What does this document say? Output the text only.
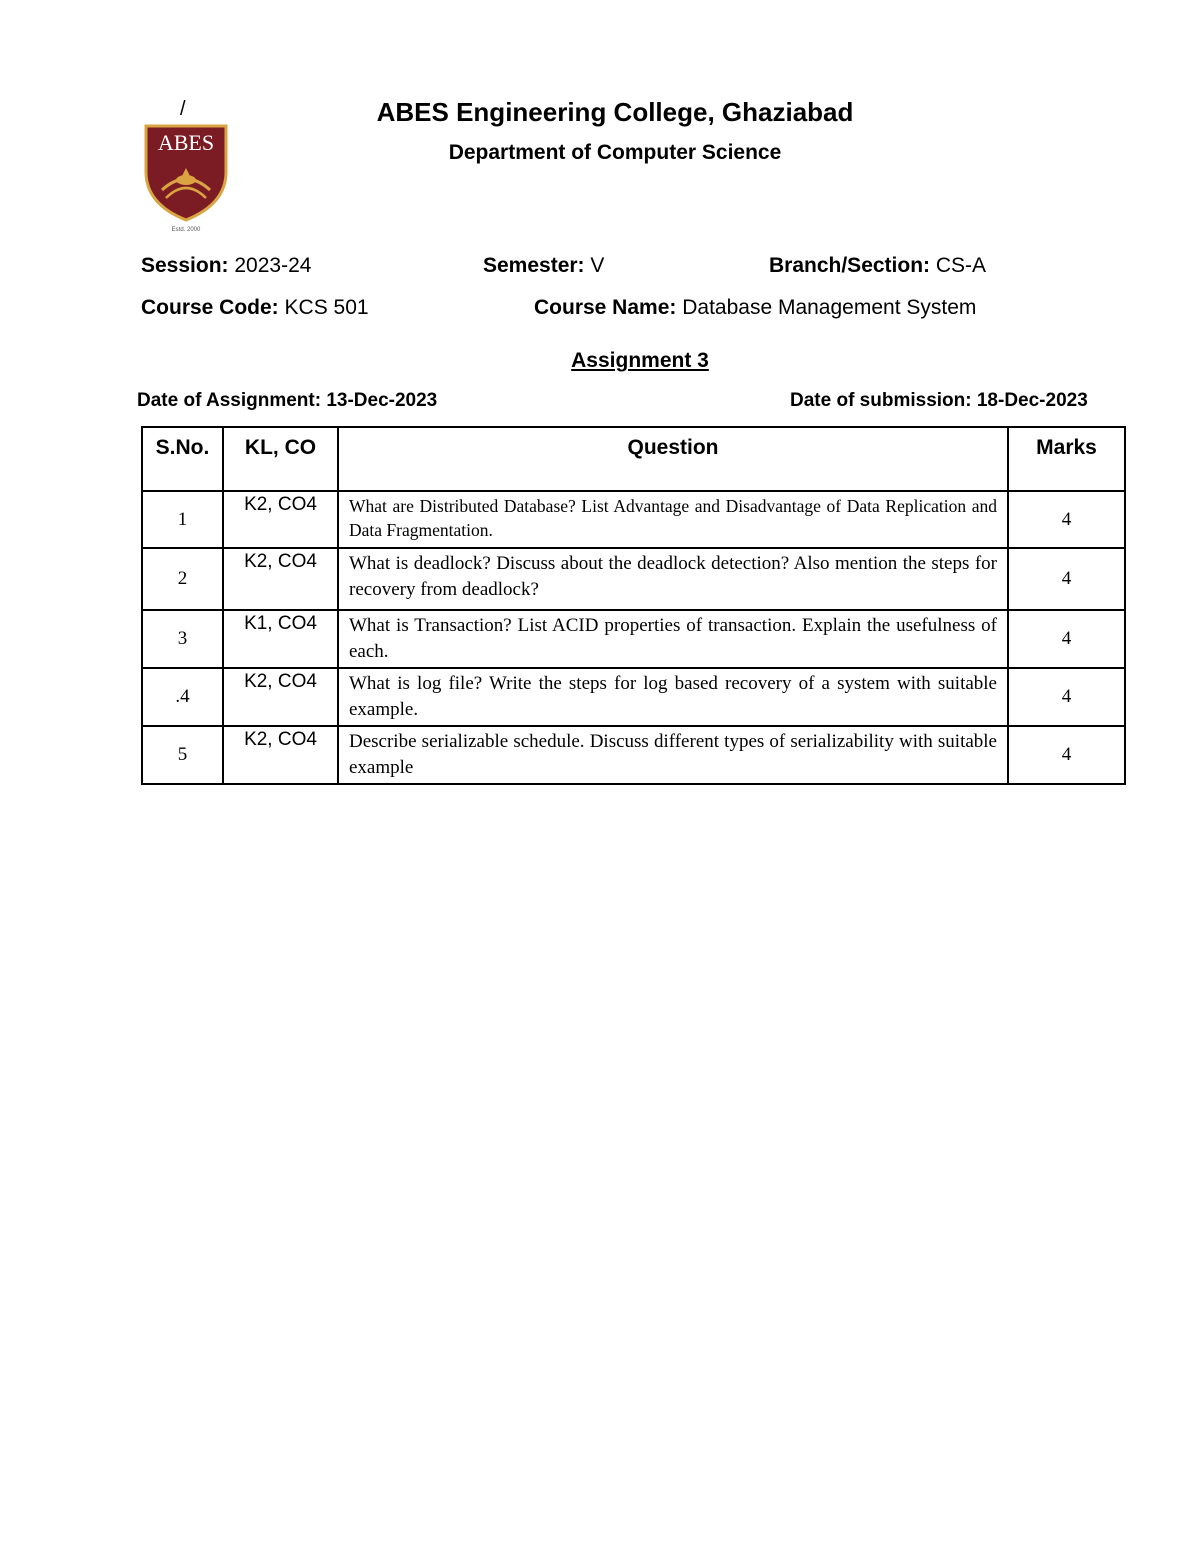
/
ABES
Estd. 2000
ABES Engineering College, Ghaziabad
Department of Computer Science
Session: 2023-24	Semester: V	Branch/Section: CS-A
Course Code: KCS 501	Course Name: Database Management System
Assignment 3
Date of Assignment: 13-Dec-2023	Date of submission: 18-Dec-2023
S.No.	KL, CO	Question	Marks
1	K2, CO4	What are Distributed Database? List Advantage and Disadvantage of Data Replication and Data Fragmentation.	4
2	K2, CO4	What is deadlock? Discuss about the deadlock detection? Also mention the steps for recovery from deadlock?	4
3	K1, CO4	What is Transaction? List ACID properties of transaction. Explain the usefulness of each.	4
.4	K2, CO4	What is log file? Write the steps for log based recovery of a system with suitable example.	4
5	K2, CO4	Describe serializable schedule. Discuss different types of serializability with suitable example	4
